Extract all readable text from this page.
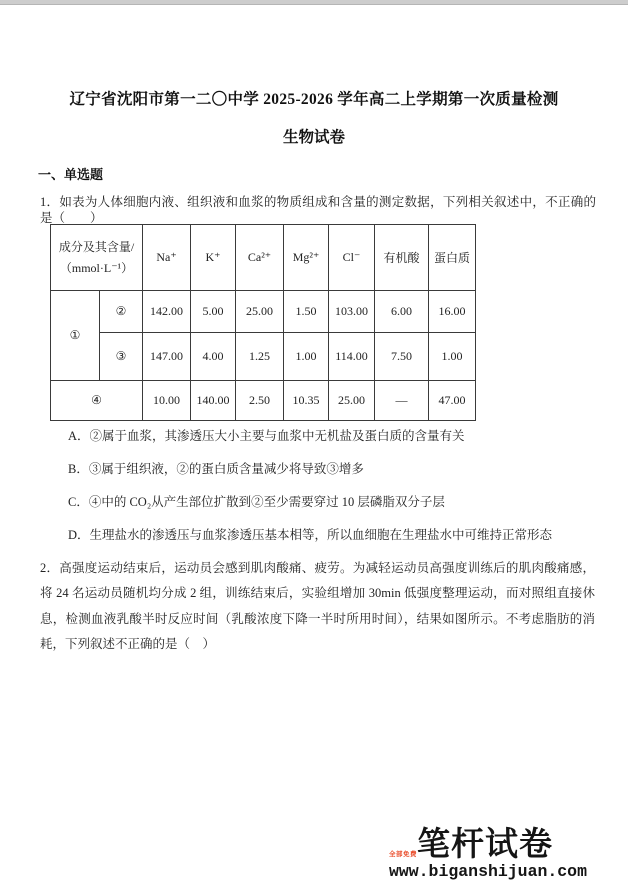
辽宁省沈阳市第一二〇中学 2025-2026 学年高二上学期第一次质量检测
生物试卷
一、单选题
1．如表为人体细胞内液、组织液和血浆的物质组成和含量的测定数据，下列相关叙述中，不正确的是（　　）
成分及其含量/
（mmol·L⁻¹）		Na⁺	K⁺	Ca²⁺	Mg²⁺	Cl⁻	有机酸	蛋白质
①	②	142.00	5.00	25.00	1.50	103.00	6.00	16.00
	③	147.00	4.00	1.25	1.00	114.00	7.50	1.00
④		10.00	140.00	2.50	10.35	25.00	—	47.00
A．②属于血浆，其渗透压大小主要与血浆中无机盐及蛋白质的含量有关
B．③属于组织液，②的蛋白质含量减少将导致③增多
C．④中的 CO₂从产生部位扩散到②至少需要穿过 10 层磷脂双分子层
D．生理盐水的渗透压与血浆渗透压基本相等，所以血细胞在生理盐水中可维持正常形态
2．高强度运动结束后，运动员会感到肌肉酸痛、疲劳。为减轻运动员高强度训练后的肌肉酸痛感，将 24 名运动员随机均分成 2 组，训练结束后，实验组增加 30min 低强度整理运动，而对照组直接休息，检测血液乳酸半时反应时间（乳酸浓度下降一半时所用时间），结果如图所示。不考虑脂肪的消耗，下列叙述不正确的是（　）
全部免费 笔杆试卷
www.biganshijuan.com
